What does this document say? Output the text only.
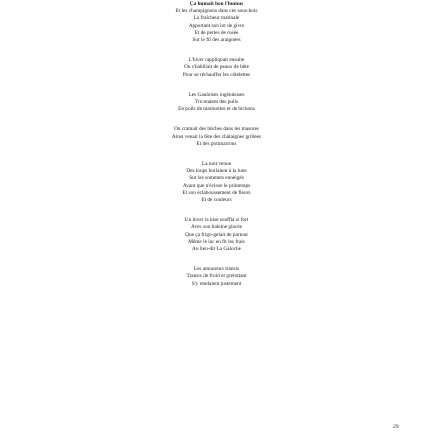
Ça humait bon l'humus
Et les champignons dans ces sous-bois
La fraîcheur matinale
Apportant son lot de givre
Et de perles de rosée
Sur le fil des araignées
L'hiver rappliquait ensuite
On s'habillait de peaux de bête
Pour se réchauffer les côtelettes
Les Gauloises ingénieuses
Tricotaient des pulls
En poils de marmottes et de bichons
On cramait des bûches dans les masures
Ainsi venait la fête des châtaignes grillées
Et des potimarrons
La nuit venue
Des loups hurlaient à la lune
Sur les sommets enneigés
Avant que n'éclose le printemps
Et son éclaboussement de fleurs
Et de couleurs
Un hiver la bise souffla si fort
Avec son haleine glacée
Que ça frigo-gelait de partout
Même le lac en fit les frais
Au lieu-dit La Galoche
Les amoureux transis
Transis de froid et grelottant
S'y rendaient justement
29
